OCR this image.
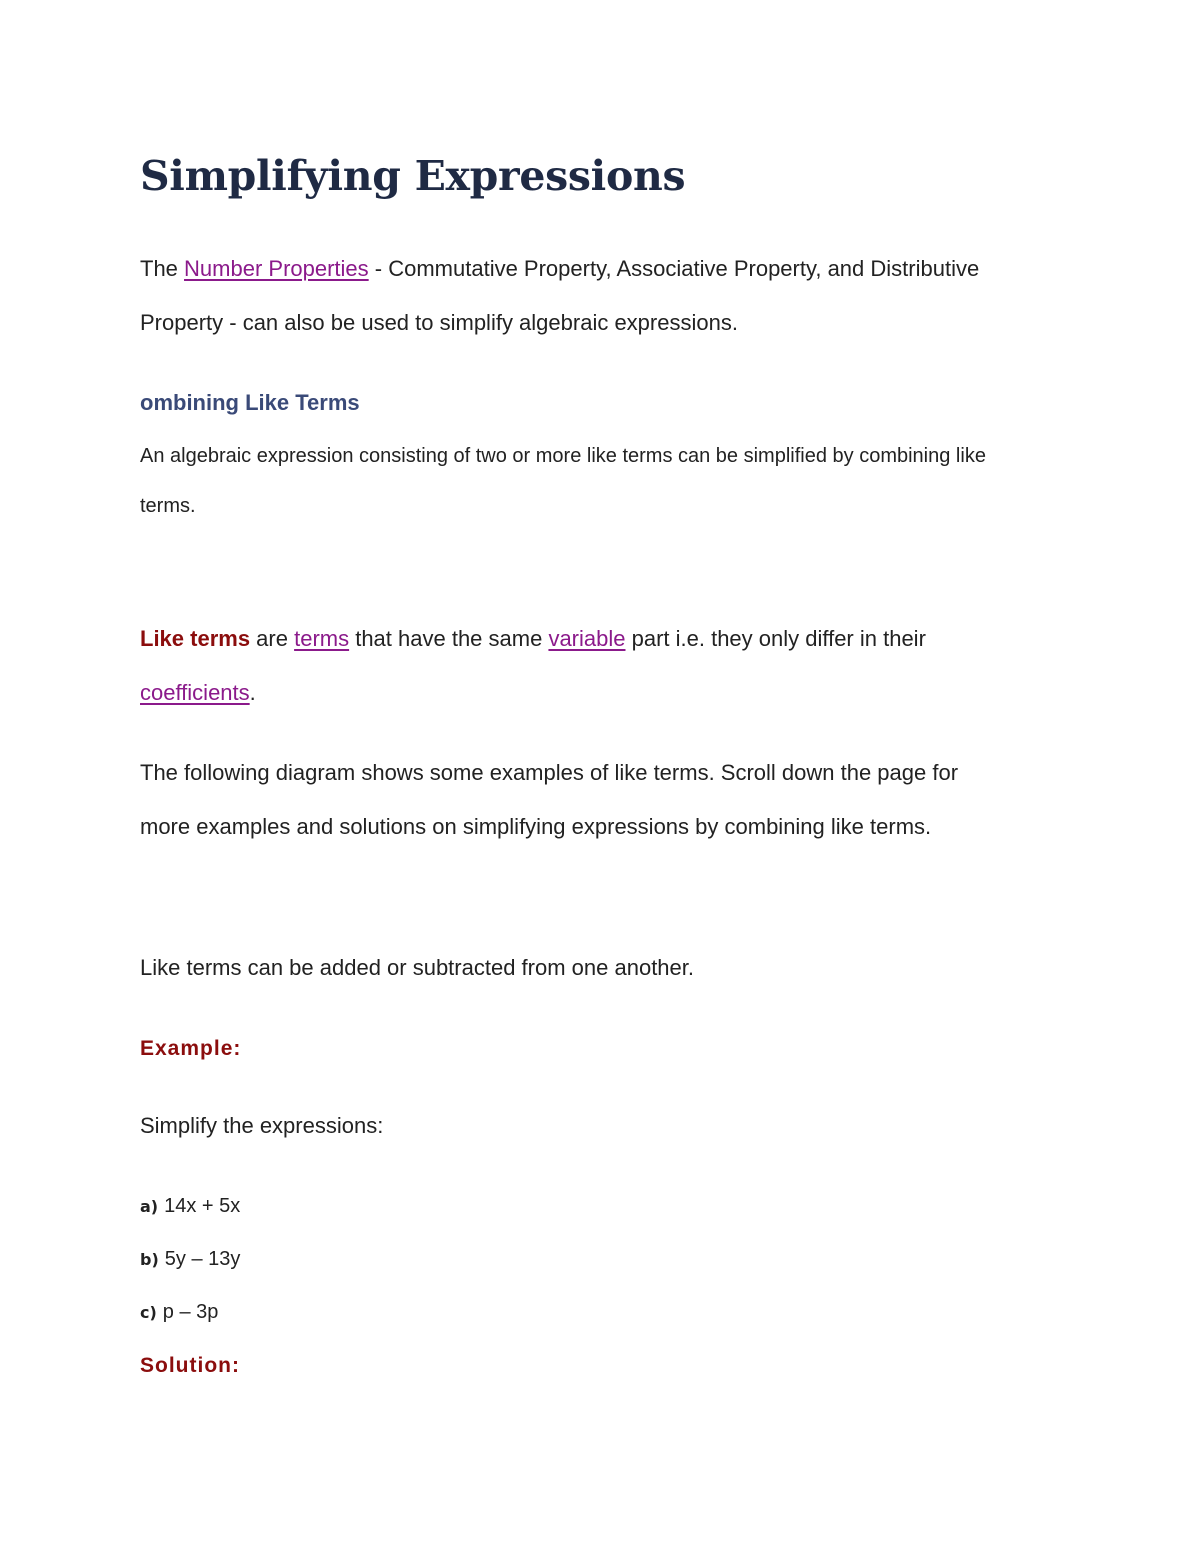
Simplifying Expressions

The Number Properties - Commutative Property, Associative Property, and Distributive
Property - can also be used to simplify algebraic expressions.

ombining Like Terms

An algebraic expression consisting of two or more like terms can be simplified by combining like
terms.

Like terms are terms that have the same variable part i.e. they only differ in their
coefficients.

The following diagram shows some examples of like terms. Scroll down the page for
more examples and solutions on simplifying expressions by combining like terms.

Like terms can be added or subtracted from one another.

Example:
Simplify the expressions:
a) 14x + 5x
b) 5y – 13y
c) p – 3p
Solution:
